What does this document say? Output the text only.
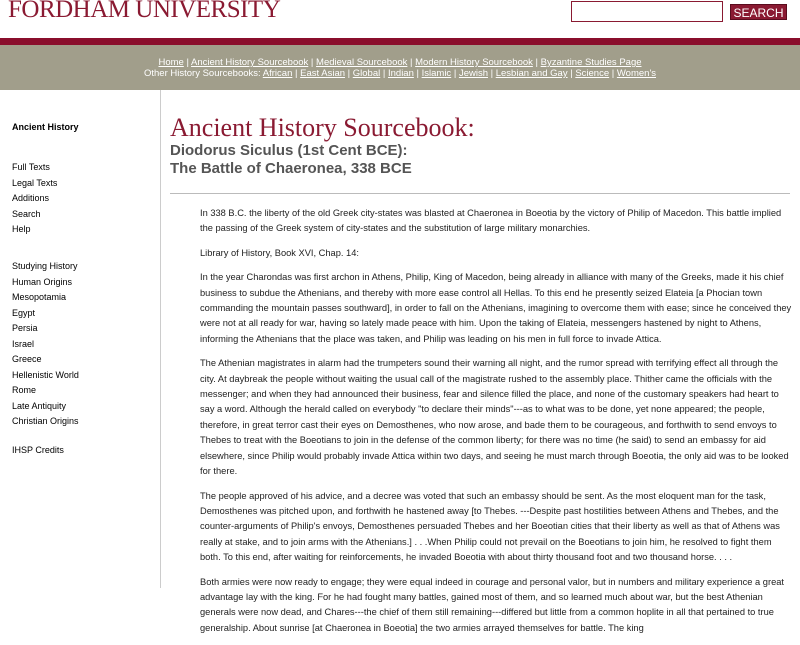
FORDHAM UNIVERSITY	SEARCH
Home | Ancient History Sourcebook | Medieval Sourcebook | Modern History Sourcebook | Byzantine Studies Page
Other History Sourcebooks: African | East Asian | Global | Indian | Islamic | Jewish | Lesbian and Gay | Science | Women's
Ancient History
Full Texts
Legal Texts
Additions
Search
Help
Studying History
Human Origins
Mesopotamia
Egypt
Persia
Israel
Greece
Hellenistic World
Rome
Late Antiquity
Christian Origins
IHSP Credits
Ancient History Sourcebook:
Diodorus Siculus (1st Cent BCE):
The Battle of Chaeronea, 338 BCE

In 338 B.C. the liberty of the old Greek city-states was blasted at Chaeronea in Boeotia by the victory of Philip of Macedon. This battle implied the passing of the Greek system of city-states and the substitution of large military monarchies.

Library of History, Book XVI, Chap. 14:

In the year Charondas was first archon in Athens, Philip, King of Macedon, being already in alliance with many of the Greeks, made it his chief business to subdue the Athenians, and thereby with more ease control all Hellas. To this end he presently seized Elateia [a Phocian town commanding the mountain passes southward], in order to fall on the Athenians, imagining to overcome them with ease; since he conceived they were not at all ready for war, having so lately made peace with him. Upon the taking of Elateia, messengers hastened by night to Athens, informing the Athenians that the place was taken, and Philip was leading on his men in full force to invade Attica.

The Athenian magistrates in alarm had the trumpeters sound their warning all night, and the rumor spread with terrifying effect all through the city. At daybreak the people without waiting the usual call of the magistrate rushed to the assembly place. Thither came the officials with the messenger; and when they had announced their business, fear and silence filled the place, and none of the customary speakers had heart to say a word. Although the herald called on everybody "to declare their minds"---as to what was to be done, yet none appeared; the people, therefore, in great terror cast their eyes on Demosthenes, who now arose, and bade them to be courageous, and forthwith to send envoys to Thebes to treat with the Boeotians to join in the defense of the common liberty; for there was no time (he said) to send an embassy for aid elsewhere, since Philip would probably invade Attica within two days, and seeing he must march through Boeotia, the only aid was to be looked for there.

The people approved of his advice, and a decree was voted that such an embassy should be sent. As the most eloquent man for the task, Demosthenes was pitched upon, and forthwith he hastened away [to Thebes. ---Despite past hostilities between Athens and Thebes, and the counter-arguments of Philip's envoys, Demosthenes persuaded Thebes and her Boeotian cities that their liberty as well as that of Athens was really at stake, and to join arms with the Athenians.] . . .When Philip could not prevail on the Boeotians to join him, he resolved to fight them both. To this end, after waiting for reinforcements, he invaded Boeotia with about thirty thousand foot and two thousand horse. . . .

Both armies were now ready to engage; they were equal indeed in courage and personal valor, but in numbers and military experience a great advantage lay with the king. For he had fought many battles, gained most of them, and so learned much about war, but the best Athenian generals were now dead, and Chares---the chief of them still remaining---differed but little from a common hoplite in all that pertained to true generalship. About sunrise [at Chaeronea in Boeotia] the two armies arrayed themselves for battle. The king
